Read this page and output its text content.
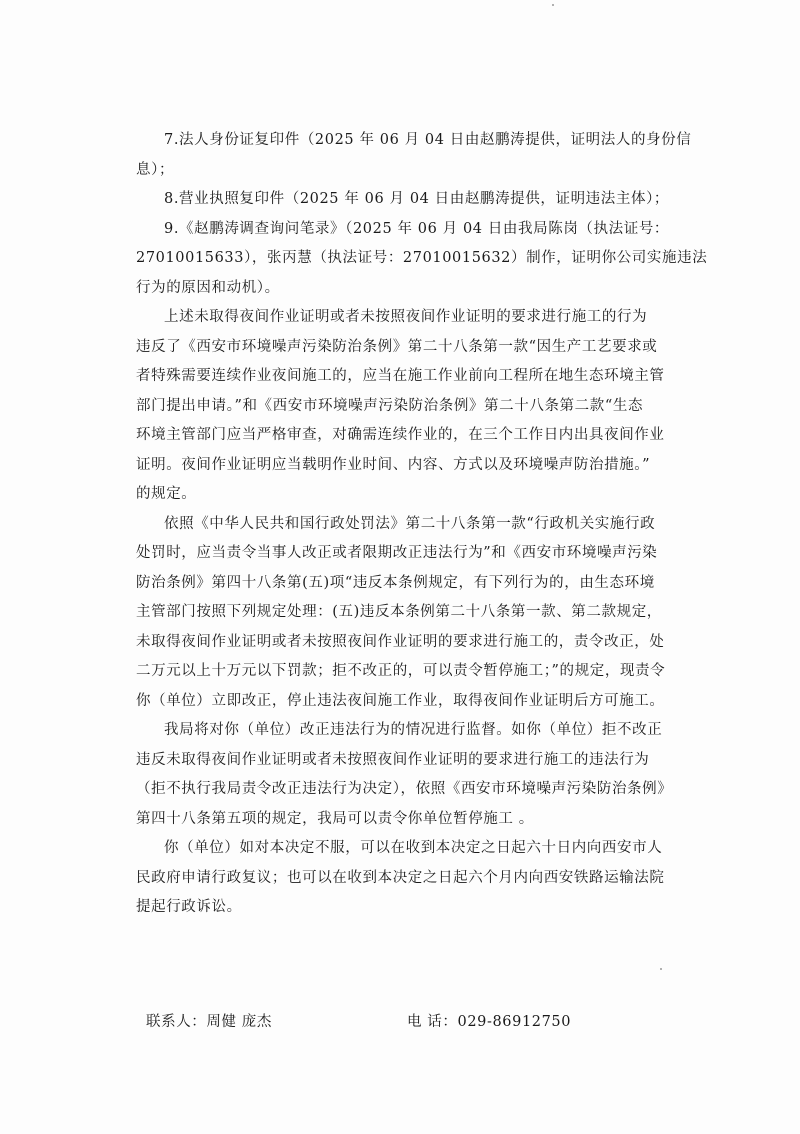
7.法人身份证复印件（2025 年 06 月 04 日由赵鹏涛提供，证明法人的身份信
息）；
8.营业执照复印件（2025 年 06 月 04 日由赵鹏涛提供，证明违法主体）；
9.《赵鹏涛调查询问笔录》（2025 年 06 月 04 日由我局陈岗（执法证号：
27010015633），张丙慧（执法证号：27010015632）制作，证明你公司实施违法
行为的原因和动机）。
上述未取得夜间作业证明或者未按照夜间作业证明的要求进行施工的行为
违反了《西安市环境噪声污染防治条例》第二十八条第一款“因生产工艺要求或
者特殊需要连续作业夜间施工的，应当在施工作业前向工程所在地生态环境主管
部门提出申请。”和《西安市环境噪声污染防治条例》第二十八条第二款“生态
环境主管部门应当严格审查，对确需连续作业的，在三个工作日内出具夜间作业
证明。夜间作业证明应当载明作业时间、内容、方式以及环境噪声防治措施。”
的规定。
依照《中华人民共和国行政处罚法》第二十八条第一款“行政机关实施行政
处罚时，应当责令当事人改正或者限期改正违法行为”和《西安市环境噪声污染
防治条例》第四十八条第(五)项“违反本条例规定，有下列行为的，由生态环境
主管部门按照下列规定处理：(五)违反本条例第二十八条第一款、第二款规定，
未取得夜间作业证明或者未按照夜间作业证明的要求进行施工的，责令改正，处
二万元以上十万元以下罚款；拒不改正的，可以责令暂停施工；”的规定，现责令
你（单位）立即改正，停止违法夜间施工作业，取得夜间作业证明后方可施工。
我局将对你（单位）改正违法行为的情况进行监督。如你（单位）拒不改正
违反未取得夜间作业证明或者未按照夜间作业证明的要求进行施工的违法行为
（拒不执行我局责令改正违法行为决定），依照《西安市环境噪声污染防治条例》
第四十八条第五项的规定，我局可以责令你单位暂停施工 。
你（单位）如对本决定不服，可以在收到本决定之日起六十日内向西安市人
民政府申请行政复议；也可以在收到本决定之日起六个月内向西安铁路运输法院
提起行政诉讼。
联系人：周健 庞杰	电 话：029-86912750
